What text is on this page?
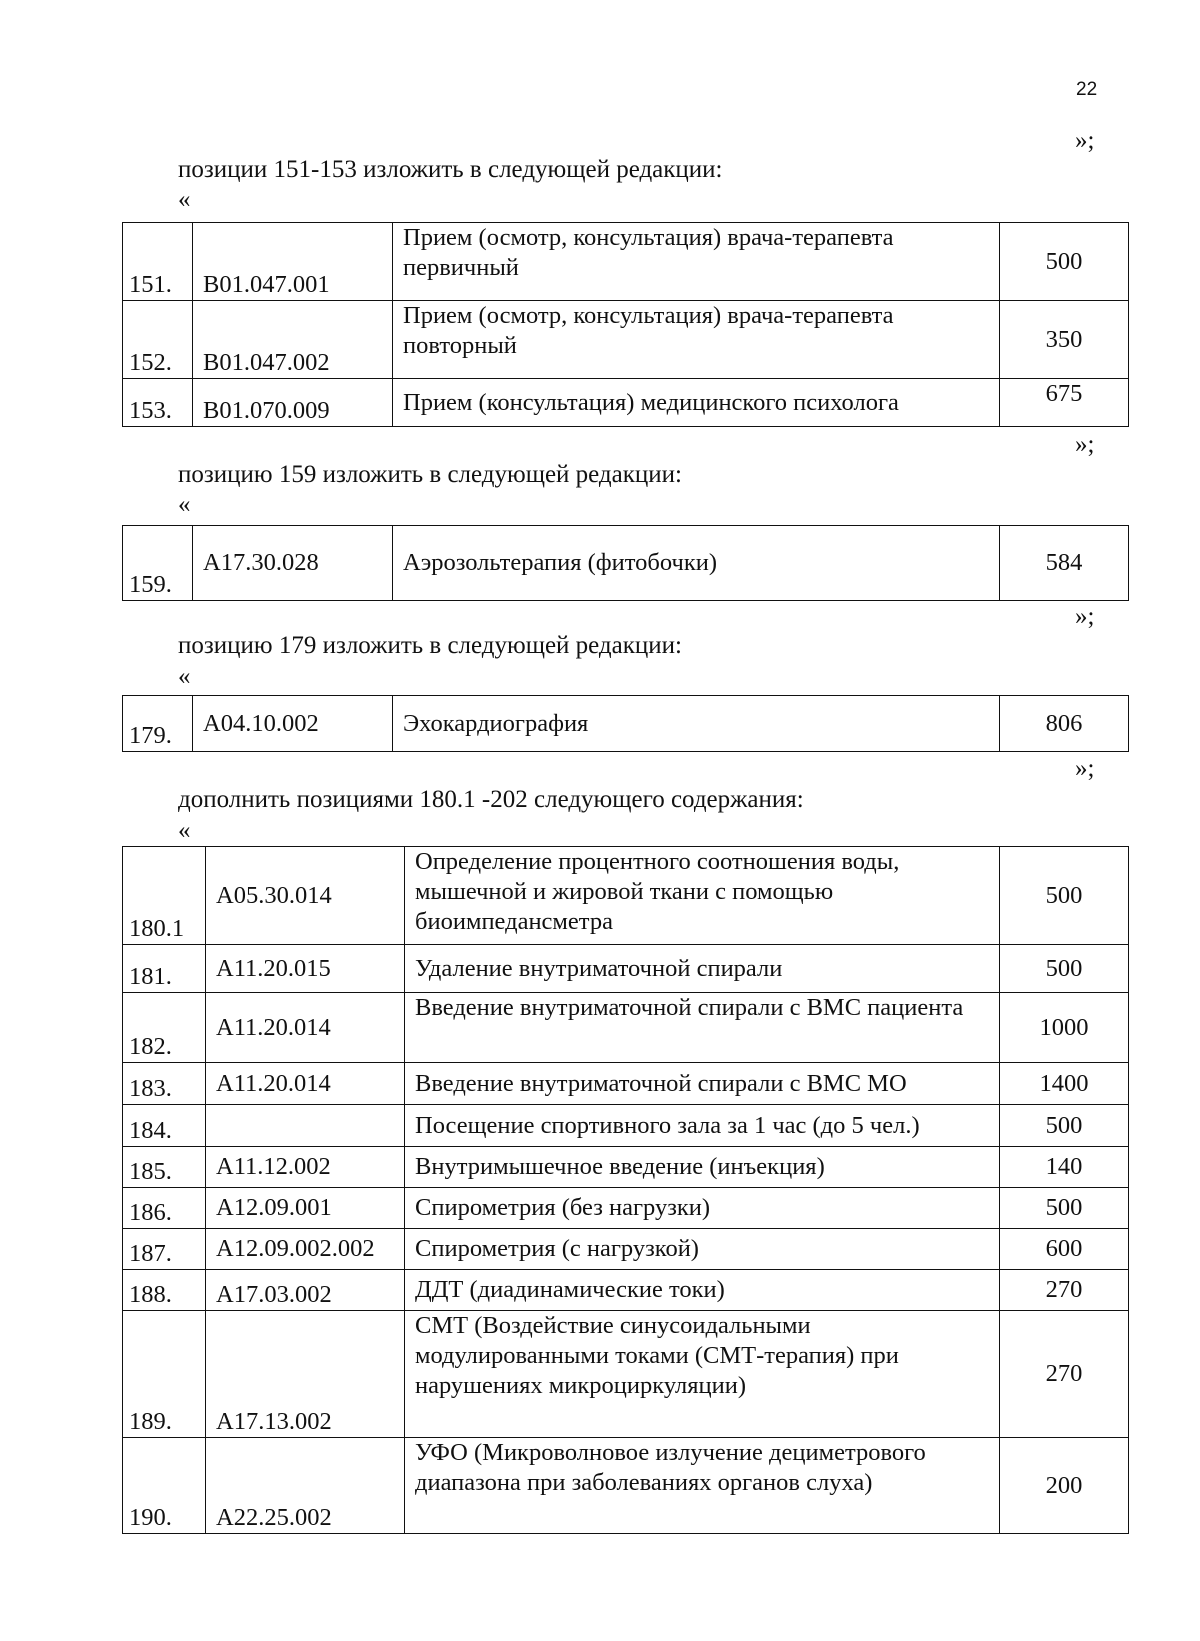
22
»;
позиции 151-153 изложить в следующей редакции:
«
151.	B01.047.001	Прием (осмотр, консультация) врача-терапевта первичный	500
152.	B01.047.002	Прием (осмотр, консультация) врача-терапевта повторный	350
153.	B01.070.009	Прием (консультация) медицинского психолога	675
»;
позицию 159 изложить в следующей редакции:
«
159.	A17.30.028	Аэрозольтерапия (фитобочки)	584
»;
позицию 179 изложить в следующей редакции:
«
179.	A04.10.002	Эхокардиография	806
»;
дополнить позициями 180.1 -202 следующего содержания:
«
180.1	A05.30.014	Определение процентного соотношения воды, мышечной и жировой ткани с помощью биоимпедансметра	500
181.	A11.20.015	Удаление внутриматочной спирали	500
182.	A11.20.014	Введение внутриматочной спирали с ВМС пациента	1000
183.	A11.20.014	Введение внутриматочной спирали с ВМС МО	1400
184.		Посещение спортивного зала за 1 час (до 5 чел.)	500
185.	A11.12.002	Внутримышечное введение (инъекция)	140
186.	A12.09.001	Спирометрия (без нагрузки)	500
187.	A12.09.002.002	Спирометрия (с нагрузкой)	600
188.	A17.03.002	ДДТ (диадинамические токи)	270
189.	A17.13.002	СМТ (Воздействие синусоидальными модулированными токами (СМТ-терапия) при нарушениях микроциркуляции)	270
190.	A22.25.002	УФО (Микроволновое излучение дециметрового диапазона при заболеваниях органов слуха)	200
